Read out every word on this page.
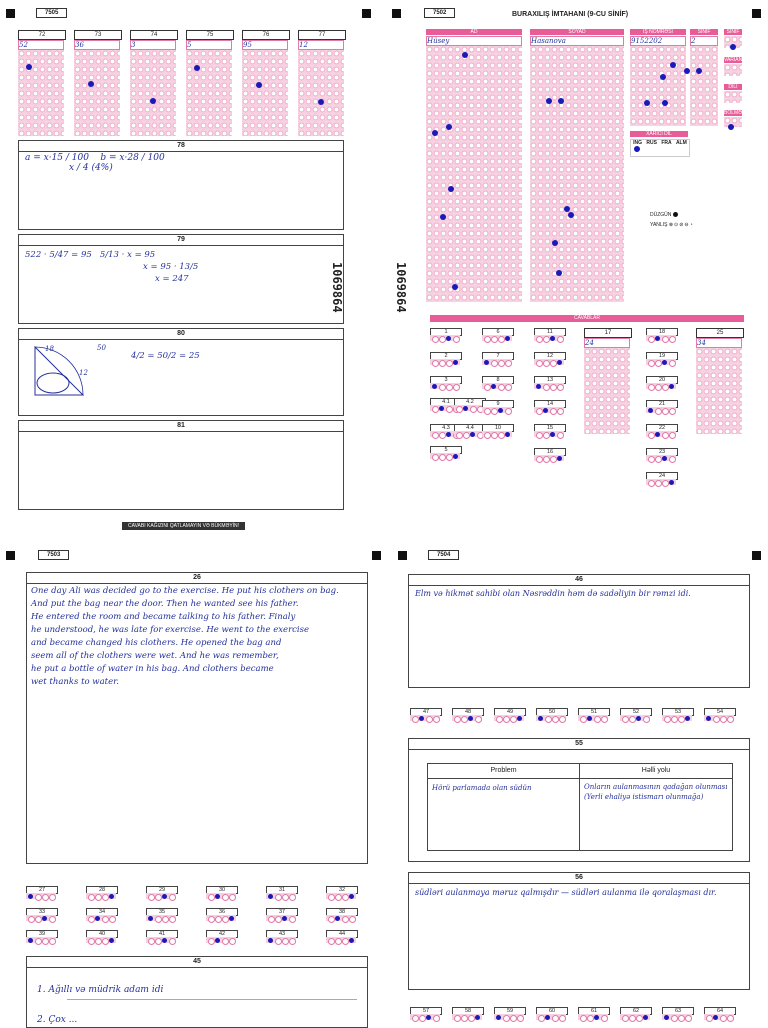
7505
72
52
73
36
74
3
75
5
76
95
77
12
78
a = x·15 / 100 b = x·28 / 100
x / 4 (4%)
79
522 · 5/47 = 95 5/13 · x = 95
x = 95 · 13/5
x = 247
80
18	50
12
4/2 = 50/2 = 25
81
CAVABI KAĞIZINI QATLAMAYIN VƏ BÜKMƏYİN!
1069864	1069864
7502	BURAXILIŞ İMTAHANI (9-CU SİNİF)
AD
Hüsey
SOYAD
Hasanova
İŞ NÖMRƏSİ
9152202
SİNİF KODU
2
SİNİF
VARİANT
DİLİ
BÖLMƏ
XARİCİ DİL
ING RUS FRA ALM
DÜZGÜN
YANLIŞ ⊗⊙⊘⊖◔
CAVABLAR
1
2
3
4.1
4.3
5
4.2
4.4
6
7
8
9
10
11
12
13
14
15
16
18
19
20
21
22
23
24
17
24
25
34
7503
26
One day Ali was decided go to the exercise. He put his clothers on bag.
And put the bag near the door. Then he wanted see his father.
He entered the room and became talking to his father. Finaly
he understood, he was late for exercise. He went to the exercise
and became changed his clothers. He opened the bag and
seem all of the clothers were wet. And he was remember,
he put a bottle of water in his bag. And clothers became
wet thanks to water.
27	28	29	30	31	32
33	34	35	36	37	38
39	40	41	42	43	44
45
1. Ağıllı və müdrik adam idi
2. Çox ...
7504
46
Elm və hikmət sahibi olan Nəsrəddin həm də sadəliyin bir rəmzi idi.
47	48	49	50	51	52	53	54
55
Problem	Həlli yolu
Hörü parlamada olan südün	Onların aulanmasının qadağan olunması (Yerli ehaliyə istismarı olunmağa)
56
südləri aulanmaya məruz qalmışdır — südləri aulanma ilə qoralaşması dır.
57	58	59	60	61	62	63	64
